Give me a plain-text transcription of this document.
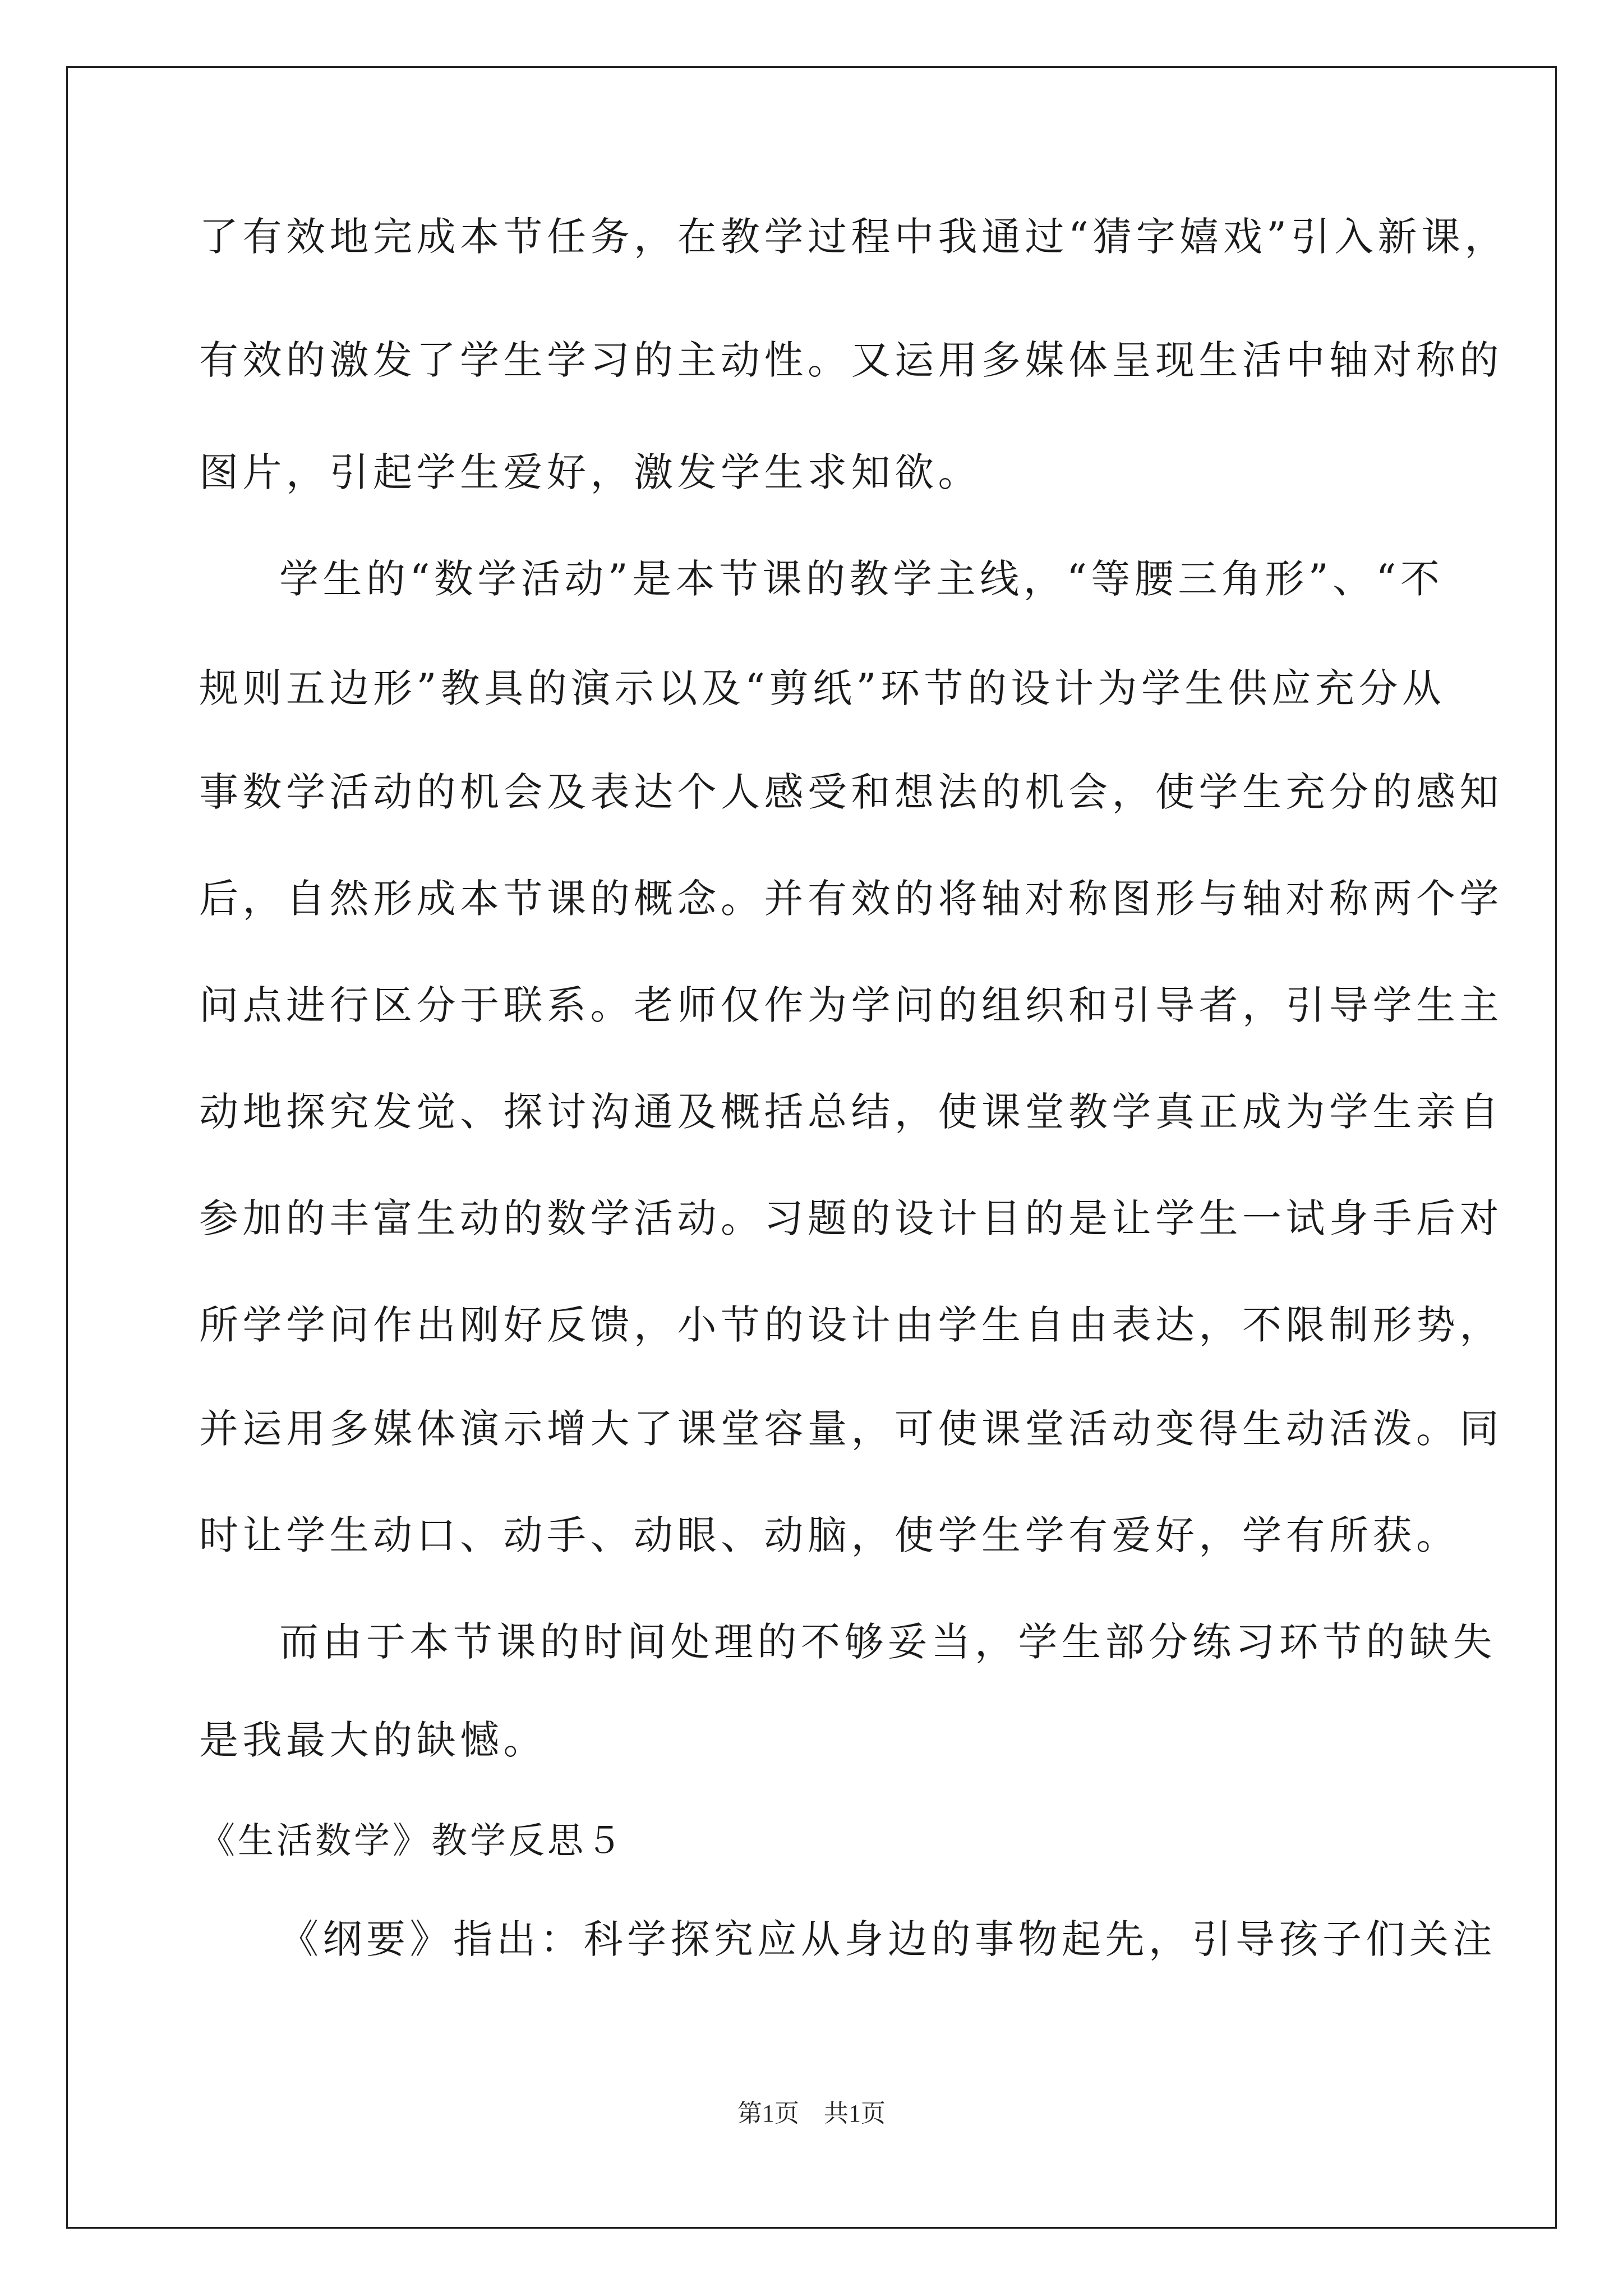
了有效地完成本节任务，在教学过程中我通过“猜字嬉戏”引入新课，
有效的激发了学生学习的主动性。又运用多媒体呈现生活中轴对称的
图片，引起学生爱好，激发学生求知欲。
学生的“数学活动”是本节课的教学主线，“等腰三角形”、“不
规则五边形”教具的演示以及“剪纸”环节的设计为学生供应充分从
事数学活动的机会及表达个人感受和想法的机会，使学生充分的感知
后，自然形成本节课的概念。并有效的将轴对称图形与轴对称两个学
问点进行区分于联系。老师仅作为学问的组织和引导者，引导学生主
动地探究发觉、探讨沟通及概括总结，使课堂教学真正成为学生亲自
参加的丰富生动的数学活动。习题的设计目的是让学生一试身手后对
所学学问作出刚好反馈，小节的设计由学生自由表达，不限制形势，
并运用多媒体演示增大了课堂容量，可使课堂活动变得生动活泼。同
时让学生动口、动手、动眼、动脑，使学生学有爱好，学有所获。
而由于本节课的时间处理的不够妥当，学生部分练习环节的缺失
是我最大的缺憾。
《生活数学》教学反思５
《纲要》指出：科学探究应从身边的事物起先，引导孩子们关注
第1页 共1页
